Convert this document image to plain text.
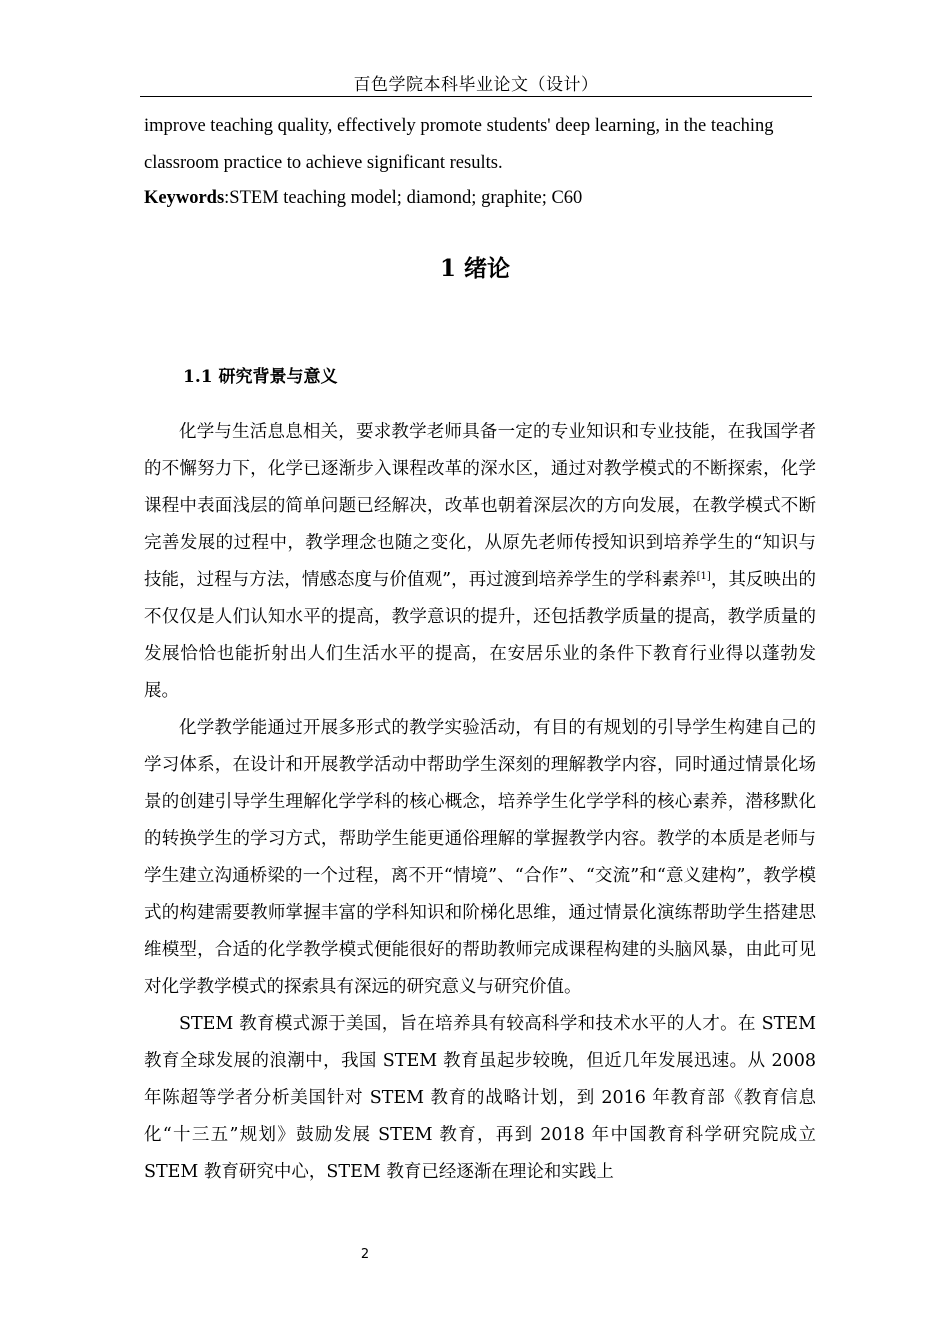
百色学院本科毕业论文（设计）
improve teaching quality, effectively promote students' deep learning, in the teaching
classroom practice to achieve significant results.
Keywords:STEM teaching model; diamond; graphite; C60
1 绪论
1.1 研究背景与意义

化学与生活息息相关，要求教学老师具备一定的专业知识和专业技能，在我国学者的不懈努力下，化学已逐渐步入课程改革的深水区，通过对教学模式的不断探索，化学课程中表面浅层的简单问题已经解决，改革也朝着深层次的方向发展，在教学模式不断完善发展的过程中，教学理念也随之变化，从原先老师传授知识到培养学生的“知识与技能，过程与方法，情感态度与价值观”，再过渡到培养学生的学科素养[1]，其反映出的不仅仅是人们认知水平的提高，教学意识的提升，还包括教学质量的提高，教学质量的发展恰恰也能折射出人们生活水平的提高，在安居乐业的条件下教育行业得以蓬勃发展。

化学教学能通过开展多形式的教学实验活动，有目的有规划的引导学生构建自己的学习体系，在设计和开展教学活动中帮助学生深刻的理解教学内容，同时通过情景化场景的创建引导学生理解化学学科的核心概念，培养学生化学学科的核心素养，潜移默化的转换学生的学习方式，帮助学生能更通俗理解的掌握教学内容。教学的本质是老师与学生建立沟通桥梁的一个过程，离不开“情境”、“合作”、“交流”和“意义建构”，教学模式的构建需要教师掌握丰富的学科知识和阶梯化思维，通过情景化演练帮助学生搭建思维模型，合适的化学教学模式便能很好的帮助教师完成课程构建的头脑风暴，由此可见对化学教学模式的探索具有深远的研究意义与研究价值。

STEM 教育模式源于美国，旨在培养具有较高科学和技术水平的人才。在 STEM 教育全球发展的浪潮中，我国 STEM 教育虽起步较晚，但近几年发展迅速。从 2008 年陈超等学者分析美国针对 STEM 教育的战略计划，到 2016 年教育部《教育信息化“十三五”规划》鼓励发展 STEM 教育，再到 2018 年中国教育科学研究院成立 STEM 教育研究中心，STEM 教育已经逐渐在理论和实践上

2
